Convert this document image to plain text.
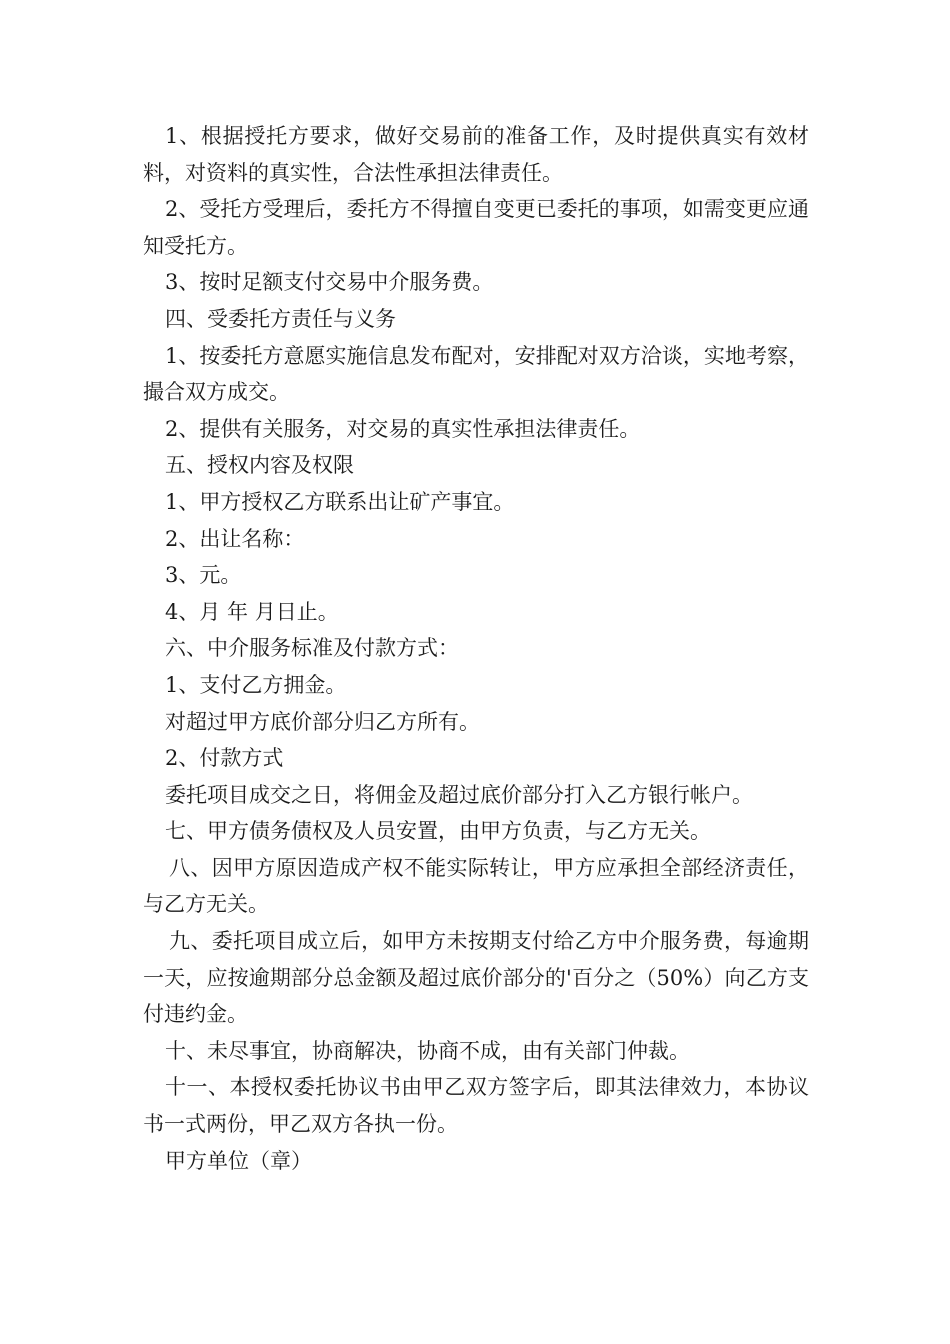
1、根据授托方要求，做好交易前的准备工作，及时提供真实有效材料，对资料的真实性，合法性承担法律责任。

2、受托方受理后，委托方不得擅自变更已委托的事项，如需变更应通知受托方。

3、按时足额支付交易中介服务费。

四、受委托方责任与义务

1、按委托方意愿实施信息发布配对，安排配对双方洽谈，实地考察，撮合双方成交。

2、提供有关服务，对交易的真实性承担法律责任。

五、授权内容及权限

1、甲方授权乙方联系出让矿产事宜。

2、出让名称：

3、元。

4、月 年 月日止。

六、中介服务标准及付款方式：

1、支付乙方拥金。

对超过甲方底价部分归乙方所有。

2、付款方式

委托项目成交之日，将佣金及超过底价部分打入乙方银行帐户。

七、甲方债务债权及人员安置，由甲方负责，与乙方无关。

八、因甲方原因造成产权不能实际转让，甲方应承担全部经济责任，与乙方无关。

九、委托项目成立后，如甲方未按期支付给乙方中介服务费，每逾期一天，应按逾期部分总金额及超过底价部分的'百分之（50%）向乙方支付违约金。

十、未尽事宜，协商解决，协商不成，由有关部门仲裁。

十一、本授权委托协议书由甲乙双方签字后，即其法律效力，本协议书一式两份，甲乙双方各执一份。

甲方单位（章）
